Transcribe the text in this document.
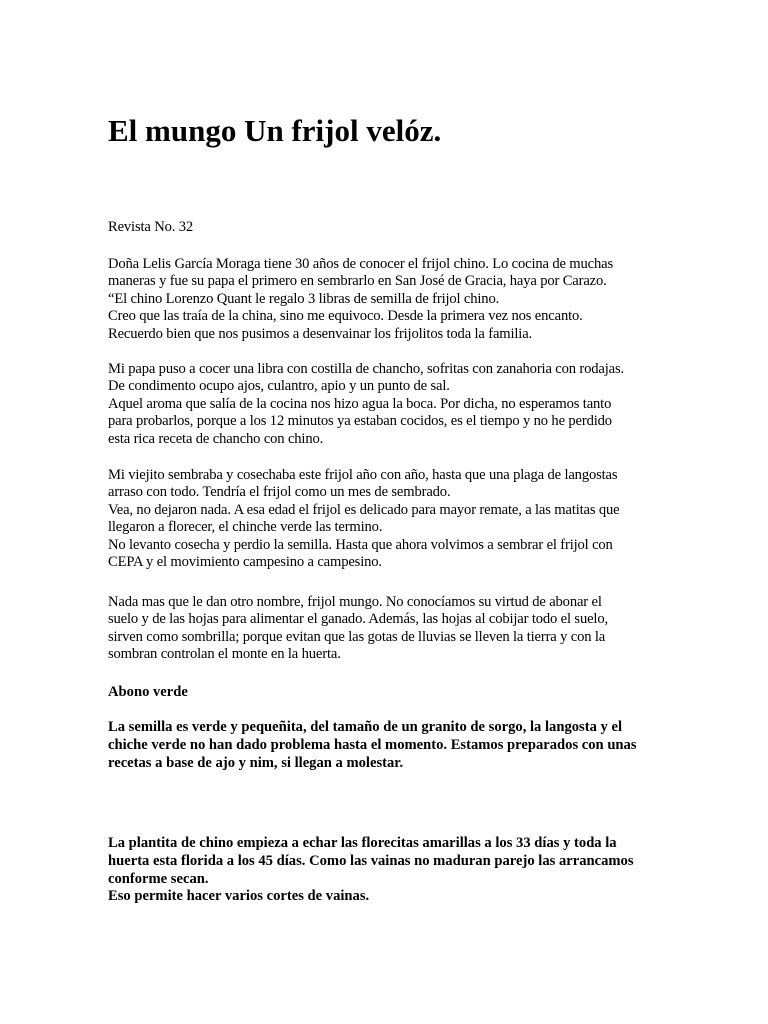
El mungo Un frijol velóz.
Revista No. 32
Doña Lelis García Moraga tiene 30 años de conocer el frijol chino. Lo cocina de muchas
maneras y fue su papa el primero en sembrarlo en San José de Gracia, haya por Carazo.
“El chino Lorenzo Quant le regalo 3 libras de semilla de frijol chino.
Creo que las traía de la china, sino me equivoco. Desde la primera vez nos encanto.
Recuerdo bien que nos pusimos a desenvainar los frijolitos toda la familia.
Mi papa puso a cocer una libra con costilla de chancho, sofritas con zanahoria con rodajas.
De condimento ocupo ajos, culantro, apio y un punto de sal.
Aquel aroma que salía de la cocina nos hizo agua la boca. Por dicha, no esperamos tanto
para probarlos, porque a los 12 minutos ya estaban cocidos, es el tiempo y no he perdido
esta rica receta de chancho con chino.
Mi viejito sembraba y cosechaba este frijol año con año, hasta que una plaga de langostas
arraso con todo. Tendría el frijol como un mes de sembrado.
Vea, no dejaron nada. A esa edad el frijol es delicado para mayor remate, a las matitas que
llegaron a florecer, el chinche verde las termino.
No levanto cosecha y perdio la semilla. Hasta que ahora volvimos a sembrar el frijol con
CEPA y el movimiento campesino a campesino.
Nada mas que le dan otro nombre, frijol mungo. No conocíamos su virtud de abonar el
suelo y de las hojas para alimentar el ganado. Además, las hojas al cobijar todo el suelo,
sirven como sombrilla; porque evitan que las gotas de lluvias se lleven la tierra y con la
sombran controlan el monte en la huerta.
Abono verde
La semilla es verde y pequeñita, del tamaño de un granito de sorgo, la langosta y el
chiche verde no han dado problema hasta el momento. Estamos preparados con unas
recetas a base de ajo y nim, si llegan a molestar.
La plantita de chino empieza a echar las florecitas amarillas a los 33 días y toda la
huerta esta florida a los 45 días. Como las vainas no maduran parejo las arrancamos
conforme secan.
Eso permite hacer varios cortes de vainas.
